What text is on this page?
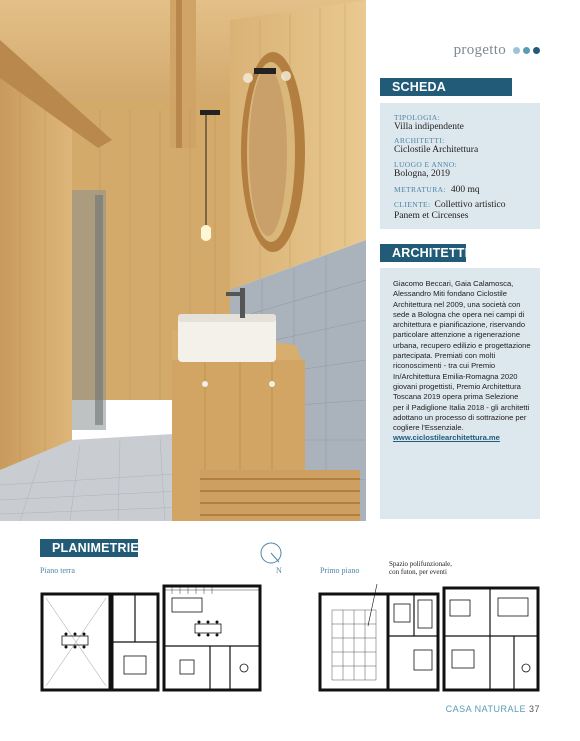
progetto
SCHEDA
TIPOLOGIA:
Villa indipendente
ARCHITETTI:
Ciclostile Architettura
LUOGO E ANNO:
Bologna, 2019
METRATURA: 400 mq
CLIENTE: Collettivo artistico
Panem et Circenses
ARCHITETTI

Giacomo Beccari, Gaia Calamosca, Alessandro Miti fondano Ciclostile Architettura nel 2009, una società con sede a Bologna che opera nei campi di architettura e pianificazione, riservando particolare attenzione a rigenerazione urbana, recupero edilizio e progettazione partecipata. Premiati con molti riconoscimenti - tra cui Premio In/Architettura Emilia-Romagna 2020 giovani progettisti, Premio Architettura Toscana 2019 opera prima Selezione per il Padiglione Italia 2018 - gli architetti adottano un processo di sottrazione per cogliere l'Essenziale.

www.ciclostilearchitettura.me

PLANIMETRIE
Piano terra	N	Primo piano
Spazio polifunzionale,
con futon, per eventi
CASA NATURALE 37
